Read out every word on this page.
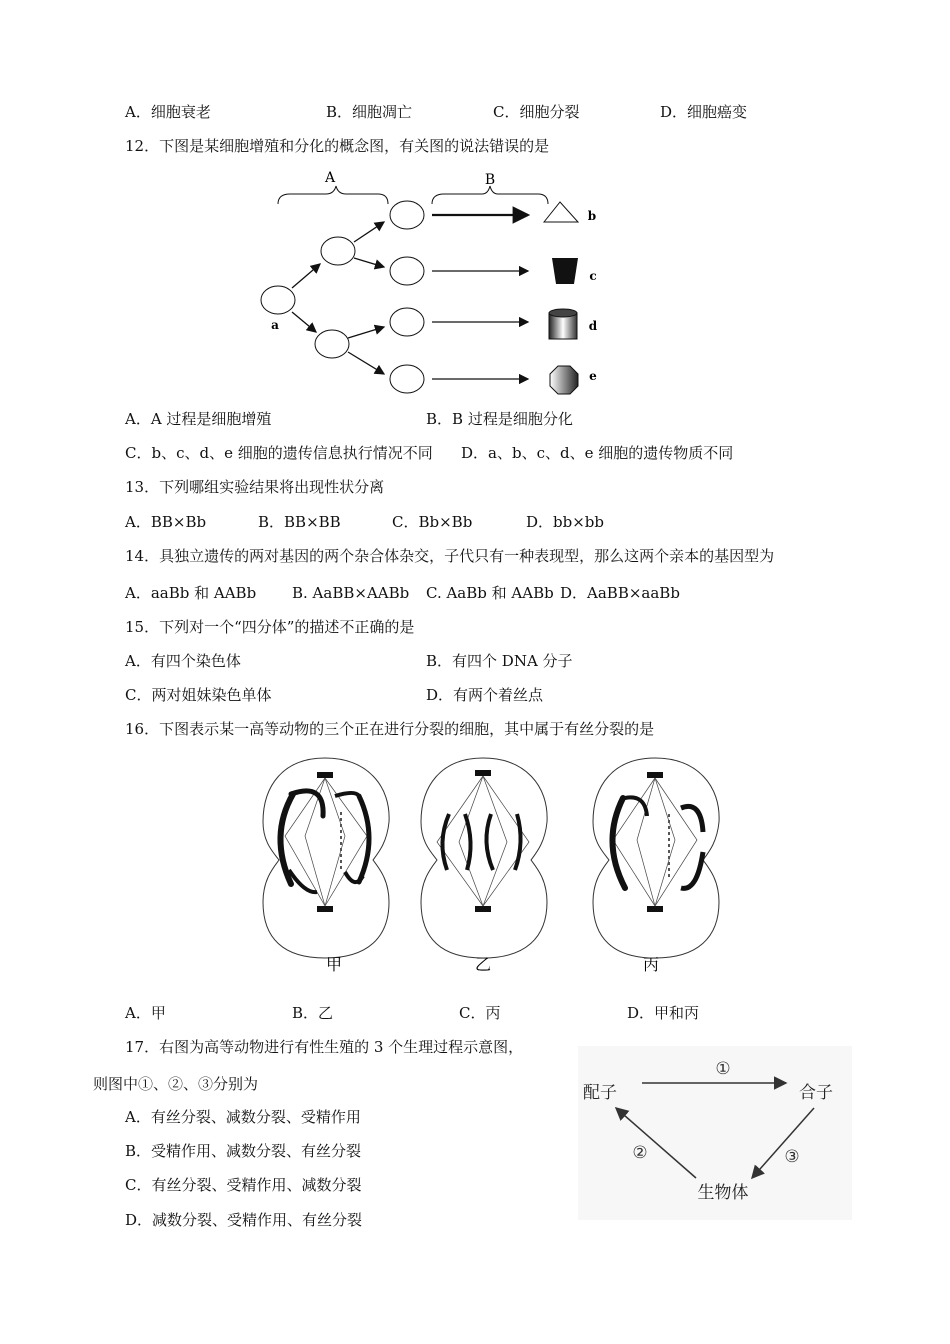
A．细胞衰老	B．细胞凋亡	C．细胞分裂	D．细胞癌变
12．下图是某细胞增殖和分化的概念图，有关图的说法错误的是
A	B
a
b
c
d
e
A．A 过程是细胞增殖	B．B 过程是细胞分化
C．b、c、d、e 细胞的遗传信息执行情况不同 D．a、b、c、d、e 细胞的遗传物质不同
13．下列哪组实验结果将出现性状分离
A．BB×Bb	B．BB×BB	C．Bb×Bb	D．bb×bb
14．具独立遗传的两对基因的两个杂合体杂交，子代只有一种表现型，那么这两个亲本的基因型为
A．aaBb 和 AABb B. AaBB×AABb C. AaBb 和 AABb D．AaBB×aaBb
15．下列对一个“四分体”的描述不正确的是
A．有四个染色体	B．有四个 DNA 分子
C．两对姐妹染色单体	D．有两个着丝点
16．下图表示某一高等动物的三个正在进行分裂的细胞，其中属于有丝分裂的是
甲	乙	丙
A．甲	B．乙	C．丙	D．甲和丙
17．右图为高等动物进行有性生殖的 3 个生理过程示意图，
则图中①、②、③分别为
A．有丝分裂、减数分裂、受精作用
B．受精作用、减数分裂、有丝分裂
C．有丝分裂、受精作用、减数分裂
D．减数分裂、受精作用、有丝分裂
配子	合子
生物体
①
②	③
